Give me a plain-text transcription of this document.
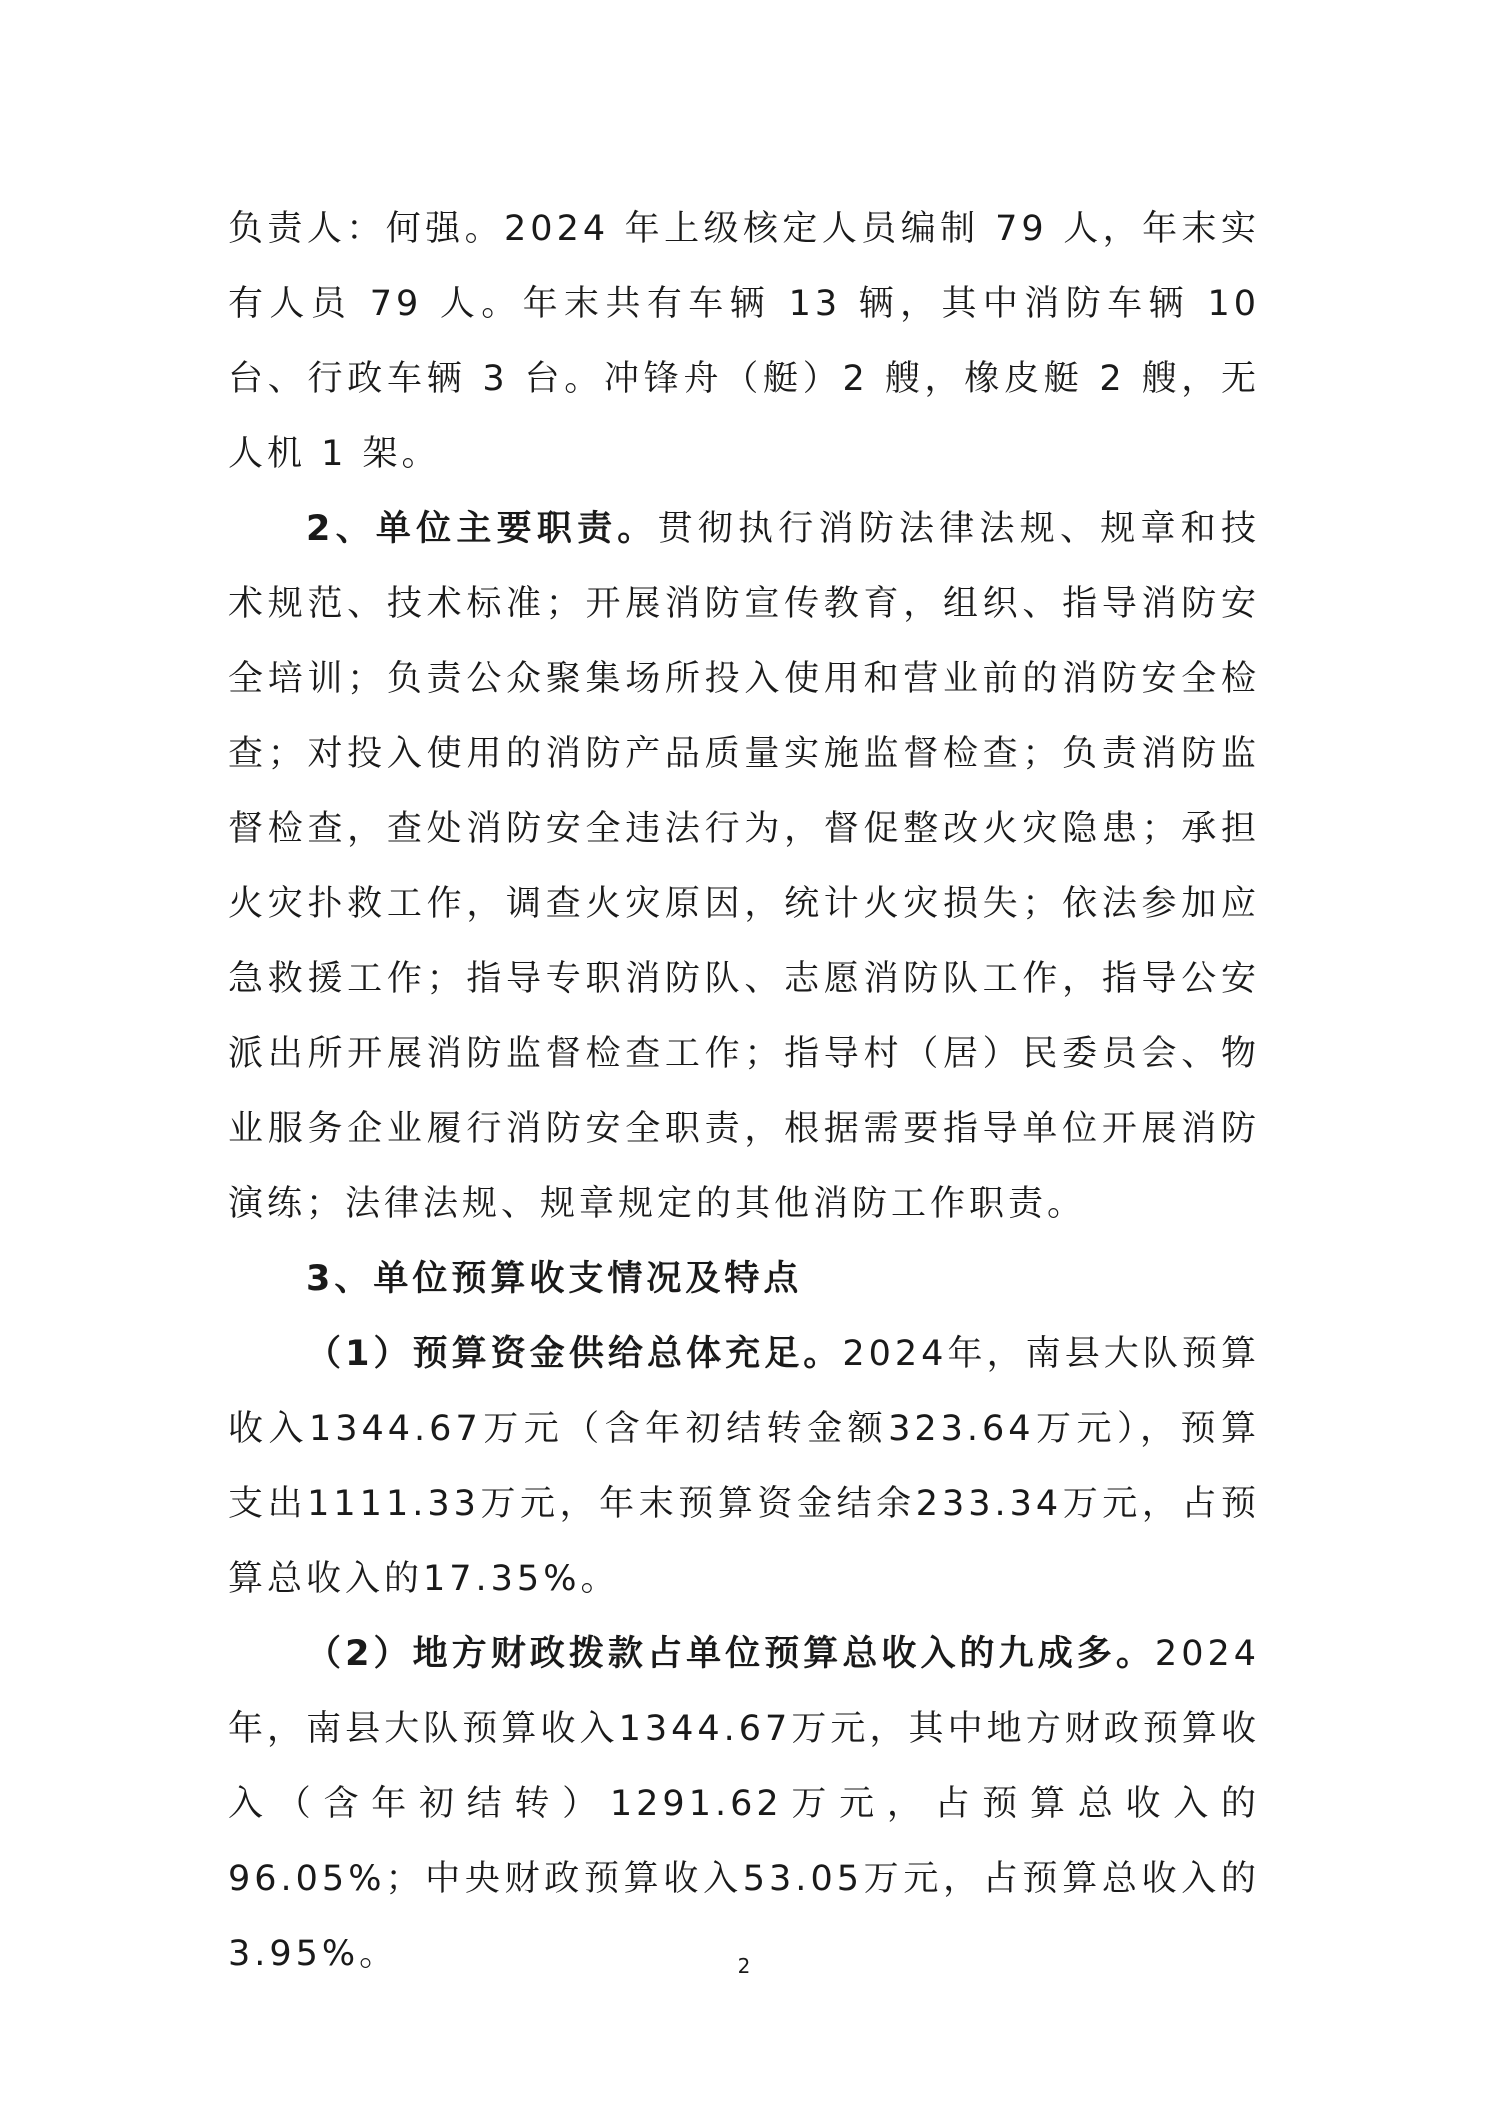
负责人：何强。2024 年上级核定人员编制 79 人，年末实有人员 79 人。年末共有车辆 13 辆，其中消防车辆 10 台、行政车辆 3 台。冲锋舟（艇）2 艘，橡皮艇 2 艘，无人机 1 架。

2、单位主要职责。贯彻执行消防法律法规、规章和技术规范、技术标准；开展消防宣传教育，组织、指导消防安全培训；负责公众聚集场所投入使用和营业前的消防安全检查；对投入使用的消防产品质量实施监督检查；负责消防监督检查，查处消防安全违法行为，督促整改火灾隐患；承担火灾扑救工作，调查火灾原因，统计火灾损失；依法参加应急救援工作；指导专职消防队、志愿消防队工作，指导公安派出所开展消防监督检查工作；指导村（居）民委员会、物业服务企业履行消防安全职责，根据需要指导单位开展消防演练；法律法规、规章规定的其他消防工作职责。

3、单位预算收支情况及特点

（1）预算资金供给总体充足。2024年，南县大队预算收入1344.67万元（含年初结转金额323.64万元），预算支出1111.33万元，年末预算资金结余233.34万元，占预算总收入的17.35%。

（2）地方财政拨款占单位预算总收入的九成多。2024年，南县大队预算收入1344.67万元，其中地方财政预算收入（含年初结转）1291.62万元，占预算总收入的96.05%；中央财政预算收入53.05万元，占预算总收入的3.95%。	2
